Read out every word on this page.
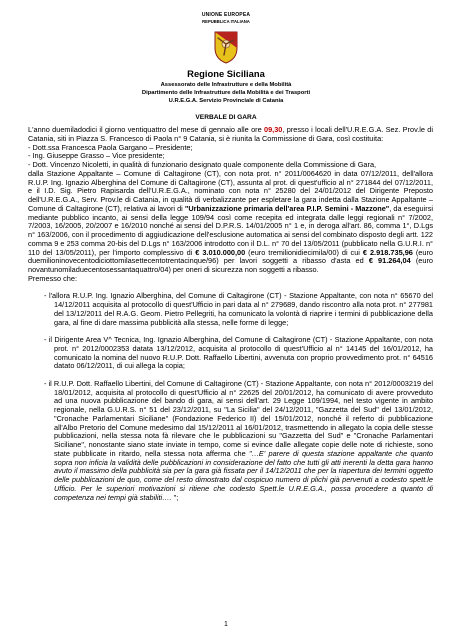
UNIONE EUROPEA
REPUBBLICA ITALIANA
Regione Siciliana
Assessorato delle Infrastrutture e della Mobilità
Dipartimento delle Infrastrutture della Mobilità e dei Trasporti
U.R.E.G.A. Servizio Provinciale di Catania
VERBALE DI GARA

L'anno duemiladodici il giorno ventiquattro del mese di gennaio alle ore 09,30, presso i locali dell'U.R.E.G.A. Sez. Prov.le di Catania, siti in Piazza S. Francesco di Paola n° 9 Catania, si è riunita la Commissione di Gara, così costituita:

- Dott.ssa Francesca Paola Gargano – Presidente;

- Ing. Giuseppe Grasso – Vice presidente;

- Dott. Vincenzo Nicoletti, in qualità di funzionario designato quale componente della Commissione di Gara,

dalla Stazione Appaltante – Comune di Caltagirone (CT), con nota prot. n° 2011/0064620 in data 07/12/2011, dell'allora R.U.P. Ing. Ignazio Alberghina del Comune di Caltagirone (CT), assunta al prot. di quest'ufficio al n° 271844 del 07/12/2011, e il I.D. Sig. Pietro Rapisarda dell'U.R.E.G.A., nominato con nota n° 25280 del 24/01/2012 del Dirigente Preposto dell'U.R.E.G.A., Serv. Prov.le di Catania, in qualità di verbalizzante per espletare la gara indetta dalla Stazione Appaltante – Comune di Caltagirone (CT), relativa ai lavori di "Urbanizzazione primaria dell'area P.I.P. Semini - Mazzone", da eseguirsi mediante pubblico incanto, ai sensi della legge 109/94 così come recepita ed integrata dalle leggi regionali n° 7/2002, 7/2003, 16/2005, 20/2007 e 16/2010 nonché ai sensi del D.P.R.S. 14/01/2005 n° 1 e, in deroga all'art. 86, comma 1°, D.Lgs n° 163/2006, con il procedimento di aggiudicazione dell'esclusione automatica ai sensi del combinato disposto degli artt. 122 comma 9 e 253 comma 20-bis del D.Lgs n° 163/2006 introdotto con il D.L. n° 70 del 13/05/2011 (pubblicato nella G.U.R.I. n° 110 del 13/05/2011), per l'importo complessivo di € 3.010.000,00 (euro tremilionidiecimila/00) di cui € 2.918.735,96 (euro duemilioninovecentodiciottomilasettecentotrentacinque/96) per lavori soggetti a ribasso d'asta ed € 91.264,04 (euro novantunomiladuecentosessantaquattro/04) per oneri di sicurezza non soggetti a ribasso.

Premesso che:

- l'allora R.U.P. Ing. Ignazio Alberghina, del Comune di Caltagirone (CT) - Stazione Appaltante, con nota n° 65670 del 14/12/2011 acquisita al protocollo di quest'Ufficio in pari data al n° 279689, dando riscontro alla nota prot. n° 277981 del 13/12/2011 del R.A.G. Geom. Pietro Pellegriti, ha comunicato la volontà di riaprire i termini di pubblicazione della gara, al fine di dare massima pubblicità alla stessa, nelle forme di legge;

- il Dirigente Area V^ Tecnica, Ing. Ignazio Alberghina, del Comune di Caltagirone (CT) - Stazione Appaltante, con nota prot. n° 2012/0002353 datata 13/12/2012, acquisita al protocollo di quest'Ufficio al n° 14145 del 16/01/2012, ha comunicato la nomina del nuovo R.U.P. Dott. Raffaello Libertini, avvenuta con proprio provvedimento prot. n° 64516 datato 06/12/2011, di cui allega la copia;

- il R.U.P. Dott. Raffaello Libertini, del Comune di Caltagirone (CT) - Stazione Appaltante, con nota n° 2012/0003219 del 18/01/2012, acquisita al protocollo di quest'Ufficio al n° 22625 del 20/01/2012, ha comunicato di avere provveduto ad una nuova pubblicazione del bando di gara, ai sensi dell'art. 29 Legge 109/1994, nel testo vigente in ambito regionale, nella G.U.R.S. n° 51 del 23/12/2011, su "La Sicilia" del 24/12/2011, "Gazzetta del Sud" del 13/01/2012, "Cronache Parlamentari Siciliane" (Fondazione Federico II) del 15/01/2012, nonché il referto di pubblicazione all'Albo Pretorio del Comune medesimo dal 15/12/2011 al 16/01/2012, trasmettendo in allegato la copia delle stesse pubblicazioni, nella stessa nota fà rilevare che le pubblicazioni su "Gazzetta del Sud" e "Cronache Parlamentari Siciliane", nonostante siano state inviate in tempo, come si evince dalle allegate copie delle note di richieste, sono state pubblicate in ritardo, nella stessa nota afferma che "…E' parere di questa stazione appaltante che quanto sopra non inficia la validità delle pubblicazioni in considerazione del fatto che tutti gli atti inerenti la detta gara hanno avuto il massimo della pubblicità sia per la gara già fissata per il 14/12/2011 che per la riapertura dei termini oggetto delle pubblicazioni de quo, come del resto dimostrato dal cospicuo numero di plichi già pervenuti a codesto spett.le Ufficio. Per le superiori motivazioni si ritiene che codesto Spett.le U.R.E.G.A., possa procedere a quanto di competenza nei tempi già stabiliti…. ";

1
